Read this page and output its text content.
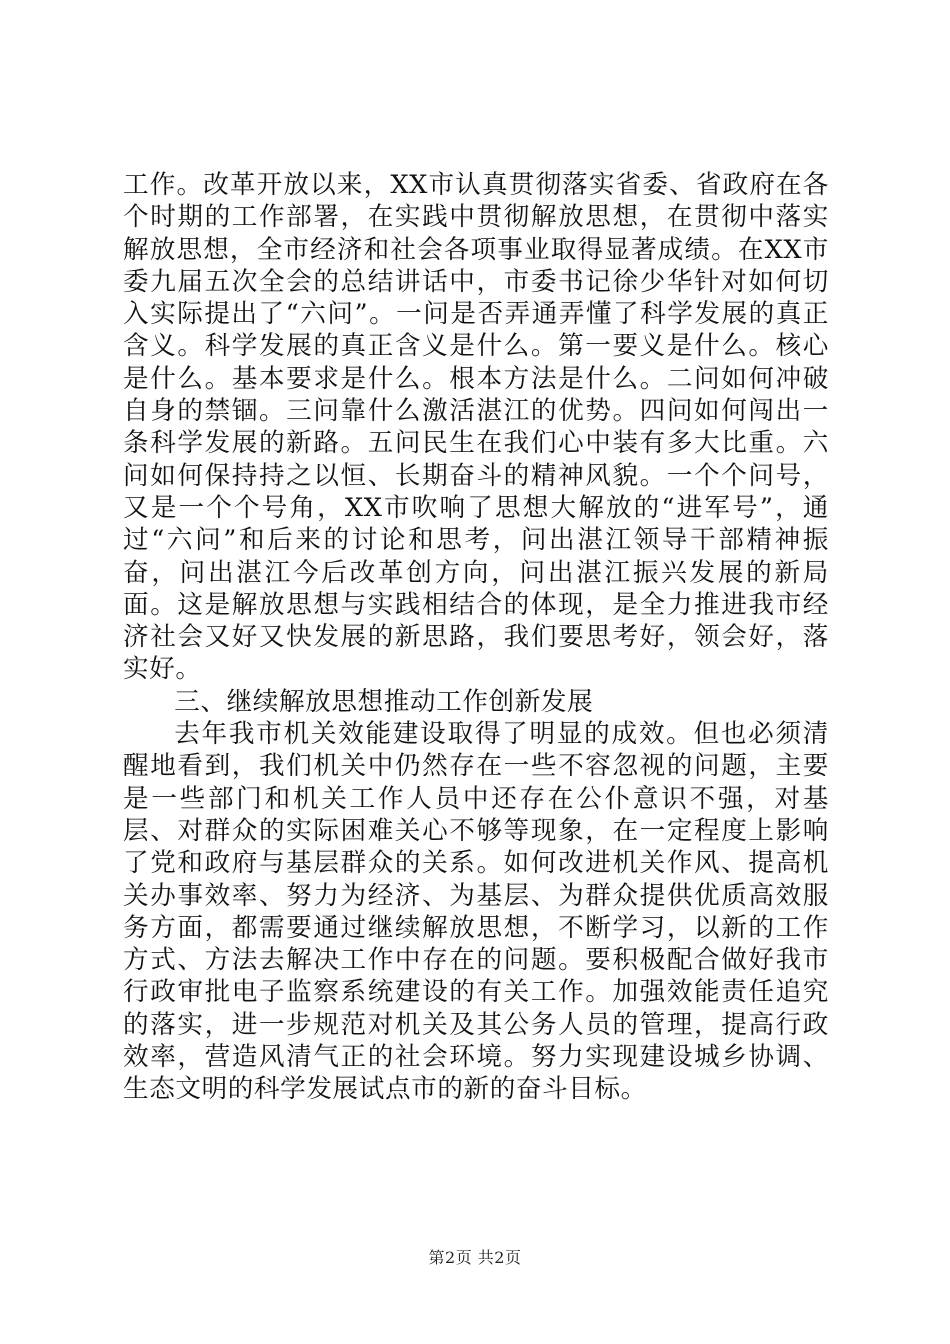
工作。改革开放以来，XX市认真贯彻落实省委、省政府在各个时期的工作部署，在实践中贯彻解放思想，在贯彻中落实解放思想，全市经济和社会各项事业取得显著成绩。在XX市委九届五次全会的总结讲话中，市委书记徐少华针对如何切入实际提出了“六问”。一问是否弄通弄懂了科学发展的真正含义。科学发展的真正含义是什么。第一要义是什么。核心是什么。基本要求是什么。根本方法是什么。二问如何冲破自身的禁锢。三问靠什么激活湛江的优势。四问如何闯出一条科学发展的新路。五问民生在我们心中装有多大比重。六问如何保持持之以恒、长期奋斗的精神风貌。一个个问号，又是一个个号角，XX市吹响了思想大解放的“进军号”，通过“六问”和后来的讨论和思考，问出湛江领导干部精神振奋，问出湛江今后改革创方向，问出湛江振兴发展的新局面。这是解放思想与实践相结合的体现，是全力推进我市经济社会又好又快发展的新思路，我们要思考好，领会好，落实好。

三、继续解放思想推动工作创新发展

去年我市机关效能建设取得了明显的成效。但也必须清醒地看到，我们机关中仍然存在一些不容忽视的问题，主要是一些部门和机关工作人员中还存在公仆意识不强，对基层、对群众的实际困难关心不够等现象，在一定程度上影响了党和政府与基层群众的关系。如何改进机关作风、提高机关办事效率、努力为经济、为基层、为群众提供优质高效服务方面，都需要通过继续解放思想，不断学习，以新的工作方式、方法去解决工作中存在的问题。要积极配合做好我市行政审批电子监察系统建设的有关工作。加强效能责任追究的落实，进一步规范对机关及其公务人员的管理，提高行政效率，营造风清气正的社会环境。努力实现建设城乡协调、生态文明的科学发展试点市的新的奋斗目标。

第2页 共2页
